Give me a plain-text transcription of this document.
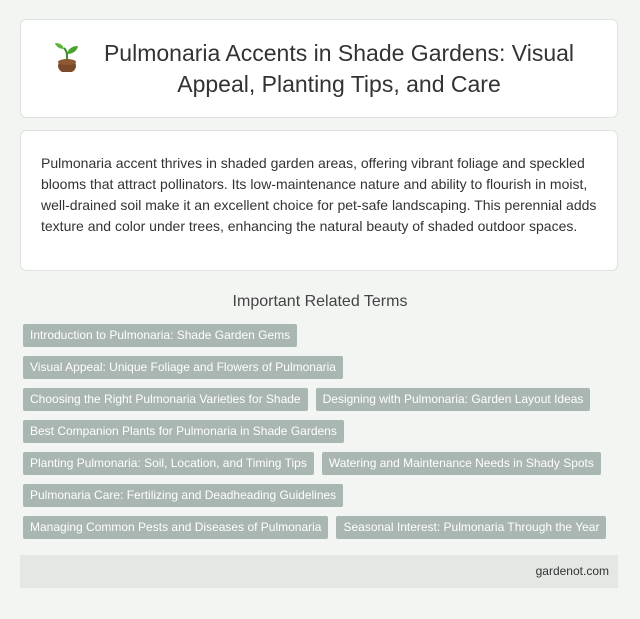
Pulmonaria Accents in Shade Gardens: Visual Appeal, Planting Tips, and Care

Pulmonaria accent thrives in shaded garden areas, offering vibrant foliage and speckled blooms that attract pollinators. Its low-maintenance nature and ability to flourish in moist, well-drained soil make it an excellent choice for pet-safe landscaping. This perennial adds texture and color under trees, enhancing the natural beauty of shaded outdoor spaces.

Important Related Terms
Introduction to Pulmonaria: Shade Garden Gems
Visual Appeal: Unique Foliage and Flowers of Pulmonaria
Choosing the Right Pulmonaria Varieties for Shade	Designing with Pulmonaria: Garden Layout Ideas
Best Companion Plants for Pulmonaria in Shade Gardens
Planting Pulmonaria: Soil, Location, and Timing Tips	Watering and Maintenance Needs in Shady Spots
Pulmonaria Care: Fertilizing and Deadheading Guidelines
Managing Common Pests and Diseases of Pulmonaria	Seasonal Interest: Pulmonaria Through the Year
gardenot.com
